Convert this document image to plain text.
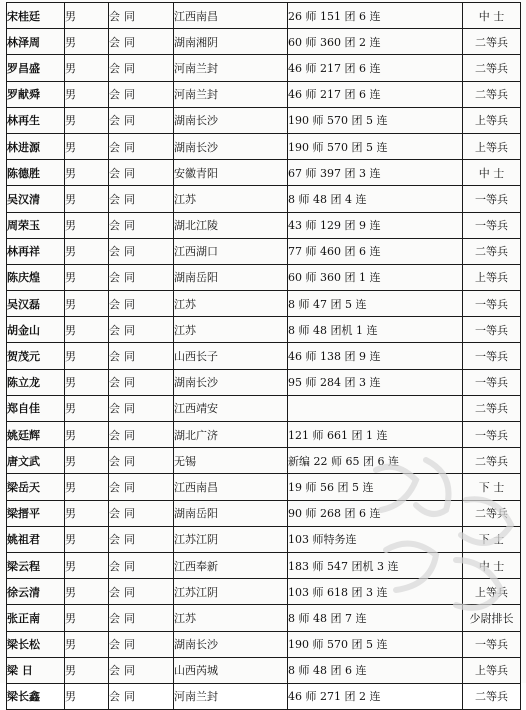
宋桂廷	男	会同	江西南昌	26 师 151 团 6 连	中 士
林泽周	男	会同	湖南湘阴	60 师 360 团 2 连	二等兵
罗昌盛	男	会同	河南兰封	46 师 217 团 6 连	二等兵
罗献舜	男	会同	河南兰封	46 师 217 团 6 连	二等兵
林再生	男	会同	湖南长沙	190 师 570 团 5 连	上等兵
林进源	男	会同	湖南长沙	190 师 570 团 5 连	上等兵
陈德胜	男	会同	安徽青阳	67 师 397 团 3 连	中 士
吴汉清	男	会同	江苏	8 师 48 团 4 连	一等兵
周荣玉	男	会同	湖北江陵	43 师 129 团 9 连	一等兵
林再祥	男	会同	江西湖口	77 师 460 团 6 连	二等兵
陈庆煌	男	会同	湖南岳阳	60 师 360 团 1 连	上等兵
吴汉磊	男	会同	江苏	8 师 47 团 5 连	一等兵
胡金山	男	会同	江苏	8 师 48 团机 1 连	一等兵
贺茂元	男	会同	山西长子	46 师 138 团 9 连	一等兵
陈立龙	男	会同	湖南长沙	95 师 284 团 3 连	一等兵
郑自佳	男	会同	江西靖安		二等兵
姚廷辉	男	会同	湖北广济	121 师 661 团 1 连	一等兵
唐文武	男	会同	无锡	新编 22 师 65 团 6 连	二等兵
梁岳天	男	会同	江西南昌	19 师 56 团 5 连	下 士
梁搢平	男	会同	湖南岳阳	90 师 268 团 6 连	二等兵
姚祖君	男	会同	江苏江阴	103 师特务连	下 士
梁云程	男	会同	江西奉新	183 师 547 团机 3 连	中 士
徐云清	男	会同	江苏江阴	103 师 618 团 3 连	上等兵
张正南	男	会同	江苏	8 师 48 团 7 连	少尉排长
梁长松	男	会同	湖南长沙	190 师 570 团 5 连	一等兵
梁 日	男	会同	山西芮城	8 师 48 团 6 连	上等兵
梁长鑫	男	会同	河南兰封	46 师 271 团 2 连	二等兵
